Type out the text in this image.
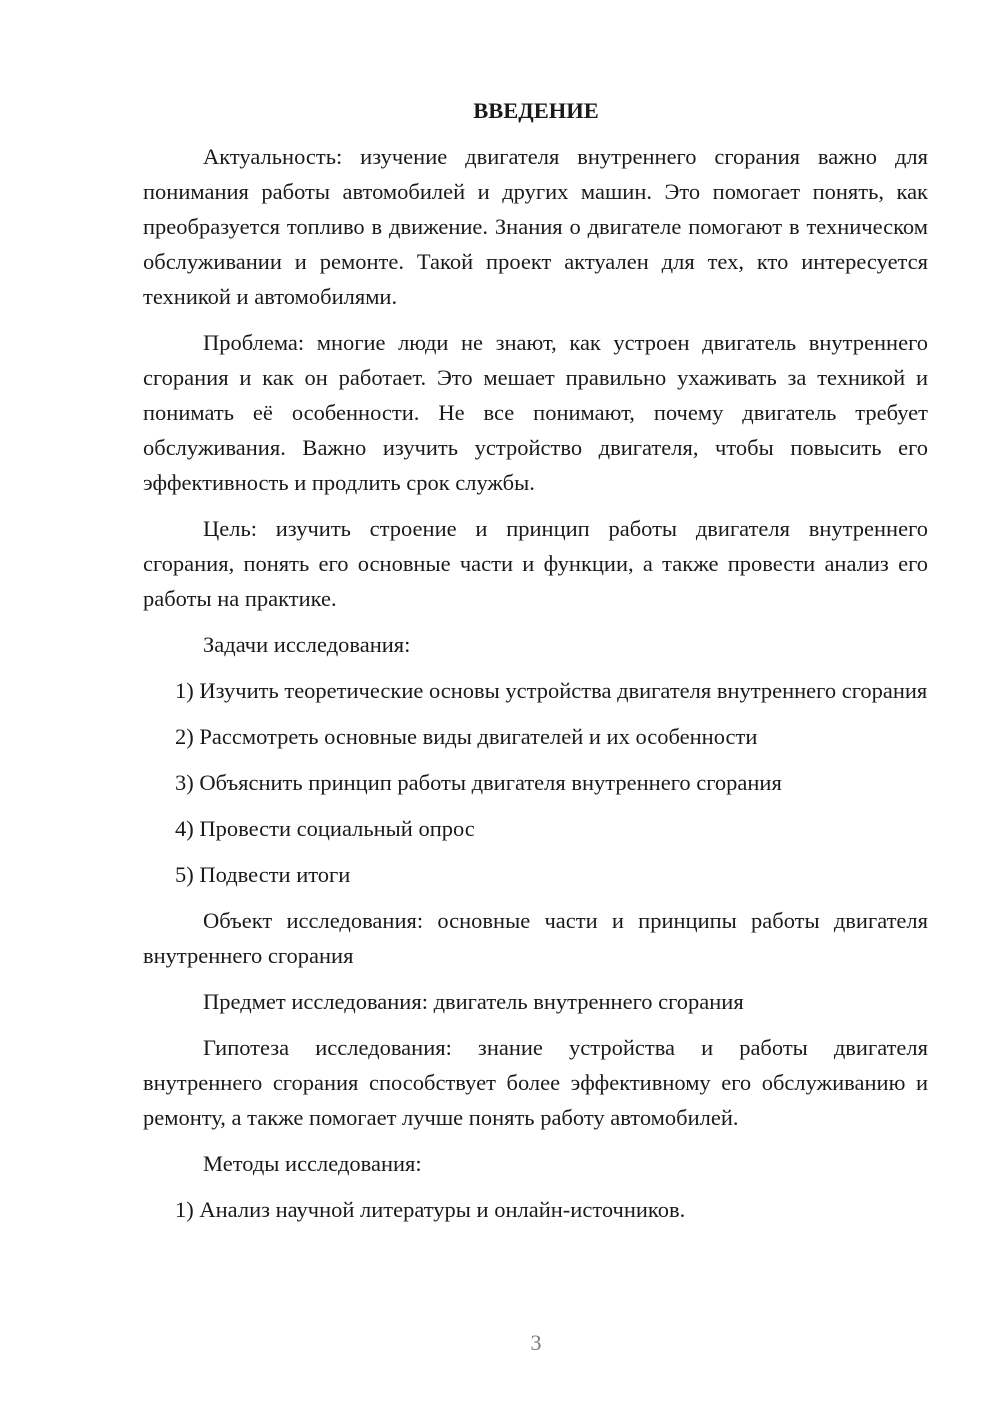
ВВЕДЕНИЕ

Актуальность: изучение двигателя внутреннего сгорания важно для понимания работы автомобилей и других машин. Это помогает понять, как преобразуется топливо в движение. Знания о двигателе помогают в техническом обслуживании и ремонте. Такой проект актуален для тех, кто интересуется техникой и автомобилями.

Проблема: многие люди не знают, как устроен двигатель внутреннего сгорания и как он работает. Это мешает правильно ухаживать за техникой и понимать её особенности. Не все понимают, почему двигатель требует обслуживания. Важно изучить устройство двигателя, чтобы повысить его эффективность и продлить срок службы.

Цель: изучить строение и принцип работы двигателя внутреннего сгорания, понять его основные части и функции, а также провести анализ его работы на практике.

Задачи исследования:

1) Изучить теоретические основы устройства двигателя внутреннего сгорания

2) Рассмотреть основные виды двигателей и их особенности

3) Объяснить принцип работы двигателя внутреннего сгорания

4) Провести социальный опрос

5) Подвести итоги

Объект исследования: основные части и принципы работы двигателя внутреннего сгорания

Предмет исследования: двигатель внутреннего сгорания

Гипотеза исследования: знание устройства и работы двигателя внутреннего сгорания способствует более эффективному его обслуживанию и ремонту, а также помогает лучше понять работу автомобилей.

Методы исследования:

1) Анализ научной литературы и онлайн-источников.

3
